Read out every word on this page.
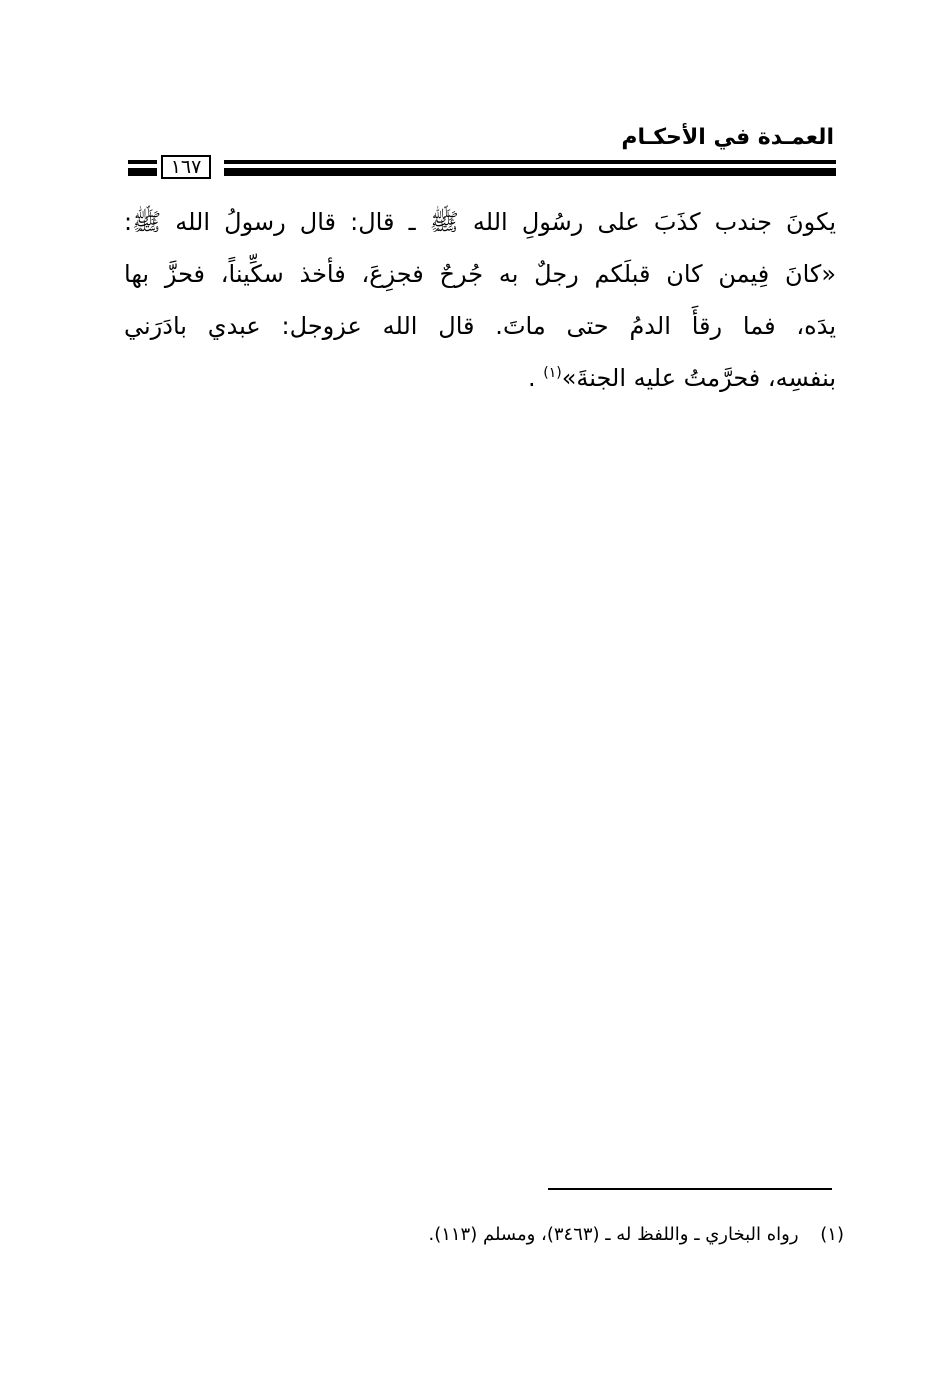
العمـدة في الأحكـام
١٦٧
يكونَ جندب كذَبَ على رسُولِ الله ﷺ ـ قال: قال رسولُ الله ﷺ:
«كانَ فِيمن كان قبلَكم رجلٌ به جُرحٌ فجزِعَ، فأخذ سكِّيناً، فحزَّ بها
يدَه، فما رقأَ الدمُ حتى ماتَ. قال الله عزوجل: عبدي بادَرَني
بنفسِه، فحرَّمتُ عليه الجنةَ»$^{(١)}$ .
(١) رواه البخاري ـ واللفظ له ـ (٣٤٦٣)، ومسلم (١١٣).
